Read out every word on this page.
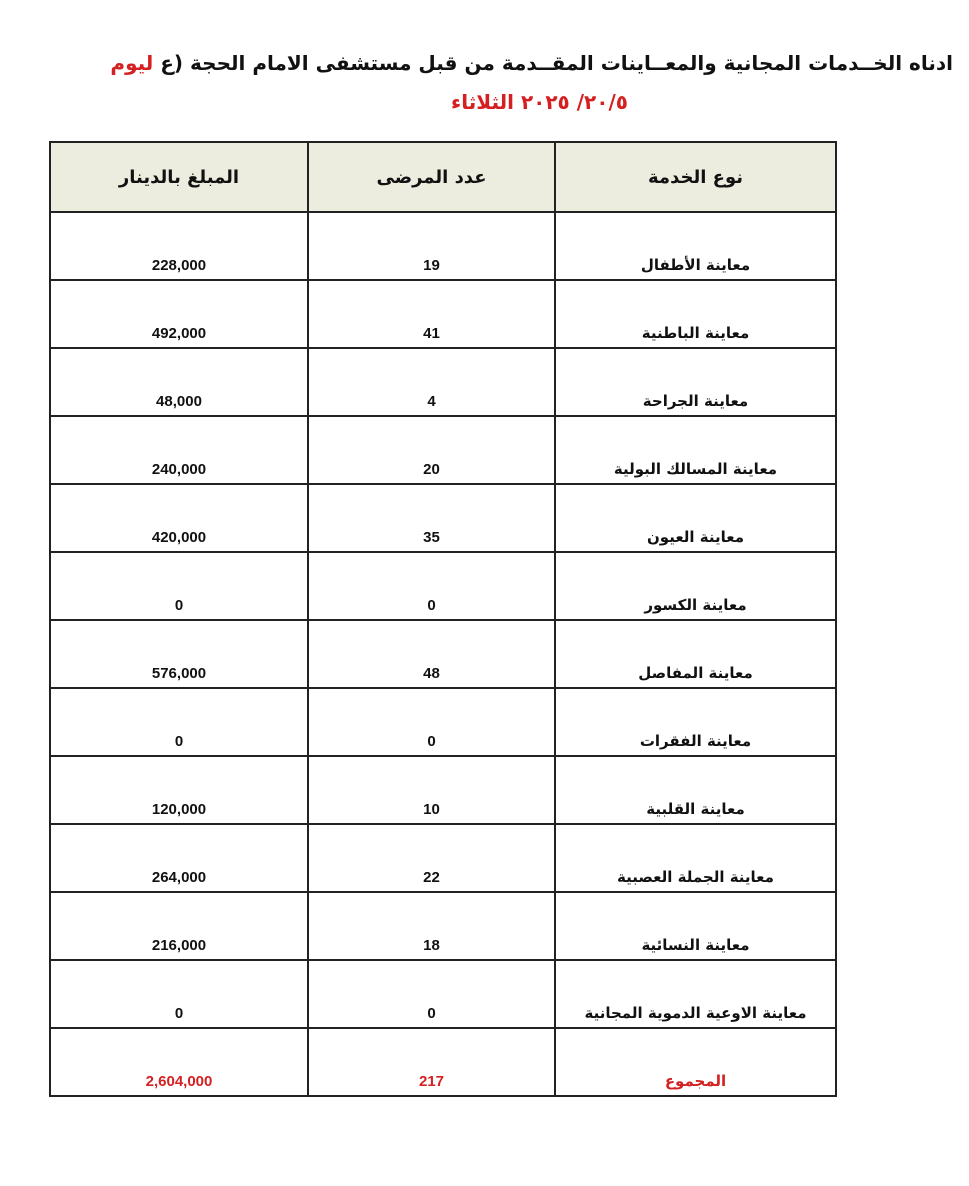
ادناه الخــدمات المجانية والمعــاينات المقــدمة من قبل مستشفى الامام الحجة (ع ليوم
٢٠/٥/ ٢٠٢٥ الثلاثاء
المبلغ بالدينار	عدد المرضى	نوع الخدمة
228,000	19	معاينة الأطفال
492,000	41	معاينة الباطنية
48,000	4	معاينة الجراحة
240,000	20	معاينة المسالك البولية
420,000	35	معاينة العيون
0	0	معاينة الكسور
576,000	48	معاينة المفاصل
0	0	معاينة الفقرات
120,000	10	معاينة القلبية
264,000	22	معاينة الجملة العصبية
216,000	18	معاينة النسائية
0	0	معاينة الاوعية الدموية المجانية
2,604,000	217	المجموع
